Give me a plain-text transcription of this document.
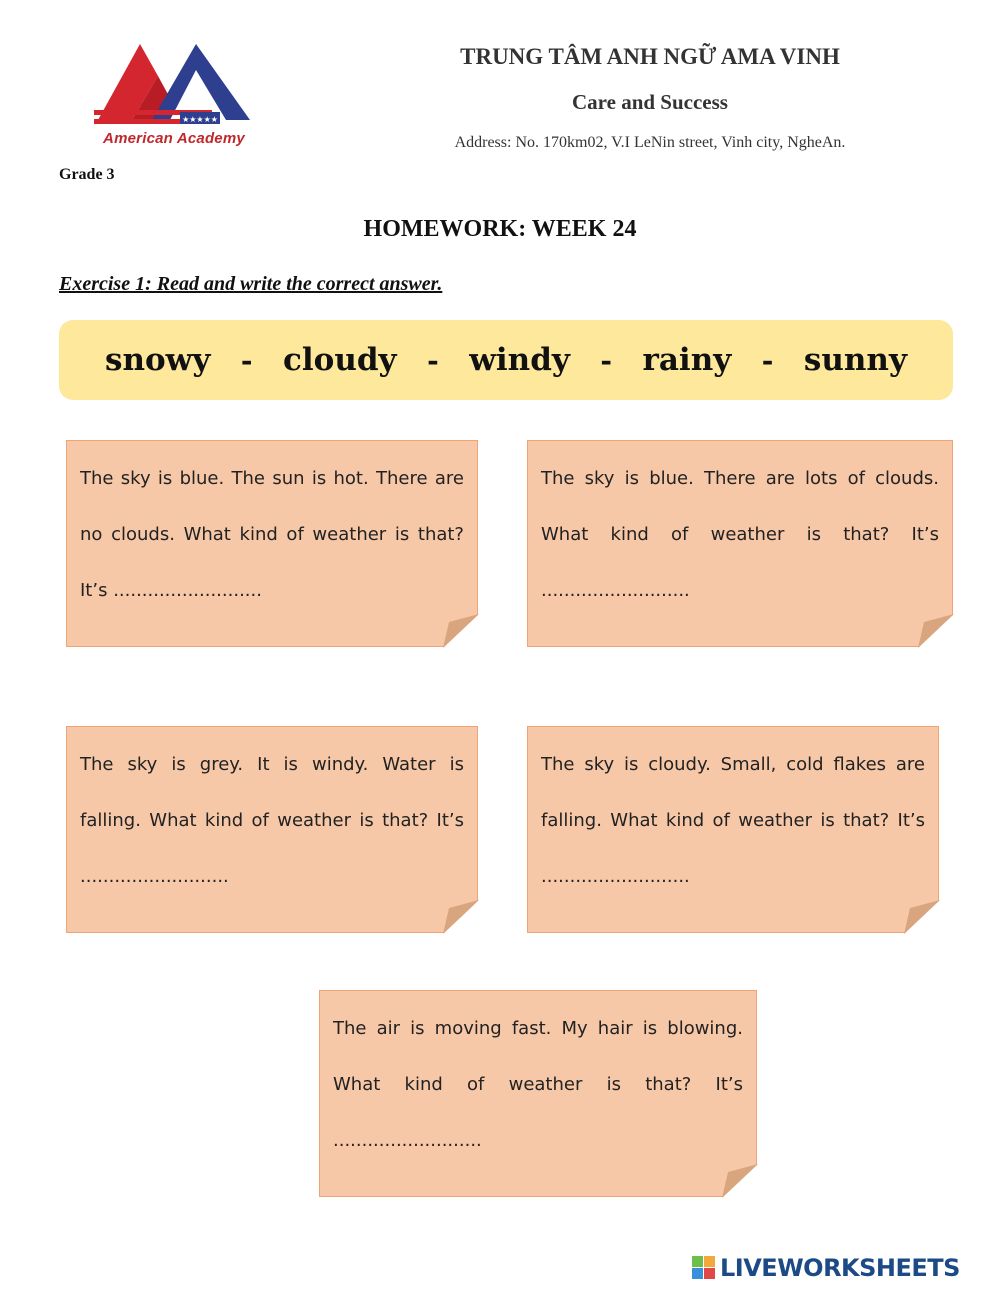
★★★★★
American Academy
TRUNG TÂM ANH NGỮ AMA VINH
Care and Success
Address: No. 170km02, V.I LeNin street, Vinh city, NgheAn.
Grade 3
HOMEWORK: WEEK 24
Exercise 1: Read and write the correct answer.
snowy - cloudy - windy - rainy - sunny
The sky is blue. The sun is hot. There are no clouds. What kind of weather is that? It’s ..........................
The sky is blue. There are lots of clouds. What kind of weather is that? It’s ..........................
The sky is grey. It is windy. Water is falling. What kind of weather is that? It’s ..........................
The sky is cloudy. Small, cold flakes are falling. What kind of weather is that? It’s ..........................
The air is moving fast. My hair is blowing. What kind of weather is that? It’s ..........................
LIVEWORKSHEETS
